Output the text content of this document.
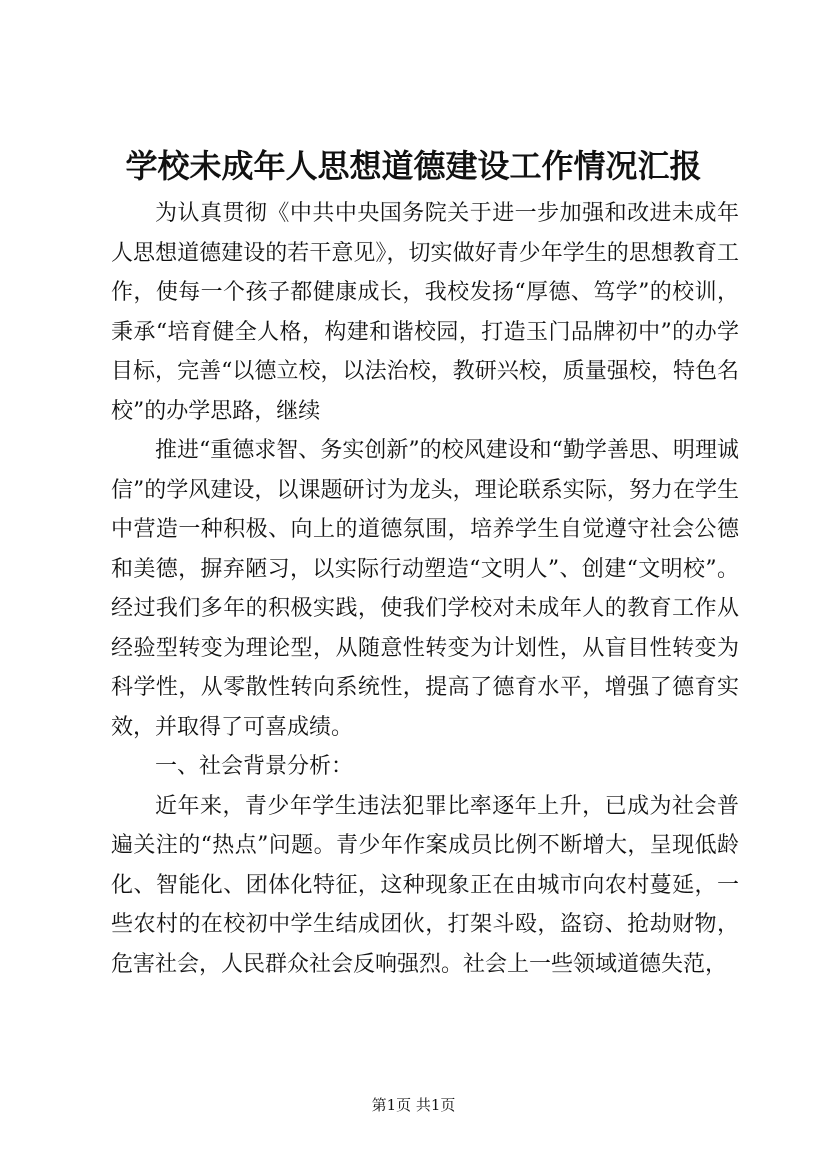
学校未成年人思想道德建设工作情况汇报

为认真贯彻《中共中央国务院关于进一步加强和改进未成年人思想道德建设的若干意见》，切实做好青少年学生的思想教育工作，使每一个孩子都健康成长，我校发扬“厚德、笃学”的校训，秉承“培育健全人格，构建和谐校园，打造玉门品牌初中”的办学目标，完善“以德立校，以法治校，教研兴校，质量强校，特色名校”的办学思路，继续

推进“重德求智、务实创新”的校风建设和“勤学善思、明理诚信”的学风建设，以课题研讨为龙头，理论联系实际，努力在学生中营造一种积极、向上的道德氛围，培养学生自觉遵守社会公德和美德，摒弃陋习，以实际行动塑造“文明人”、创建“文明校”。经过我们多年的积极实践，使我们学校对未成年人的教育工作从经验型转变为理论型，从随意性转变为计划性，从盲目性转变为科学性，从零散性转向系统性，提高了德育水平，增强了德育实效，并取得了可喜成绩。

一、社会背景分析：

近年来，青少年学生违法犯罪比率逐年上升，已成为社会普遍关注的“热点”问题。青少年作案成员比例不断增大，呈现低龄化、智能化、团体化特征，这种现象正在由城市向农村蔓延，一些农村的在校初中学生结成团伙，打架斗殴，盗窃、抢劫财物，危害社会，人民群众社会反响强烈。社会上一些领域道德失范，

第1页 共1页
